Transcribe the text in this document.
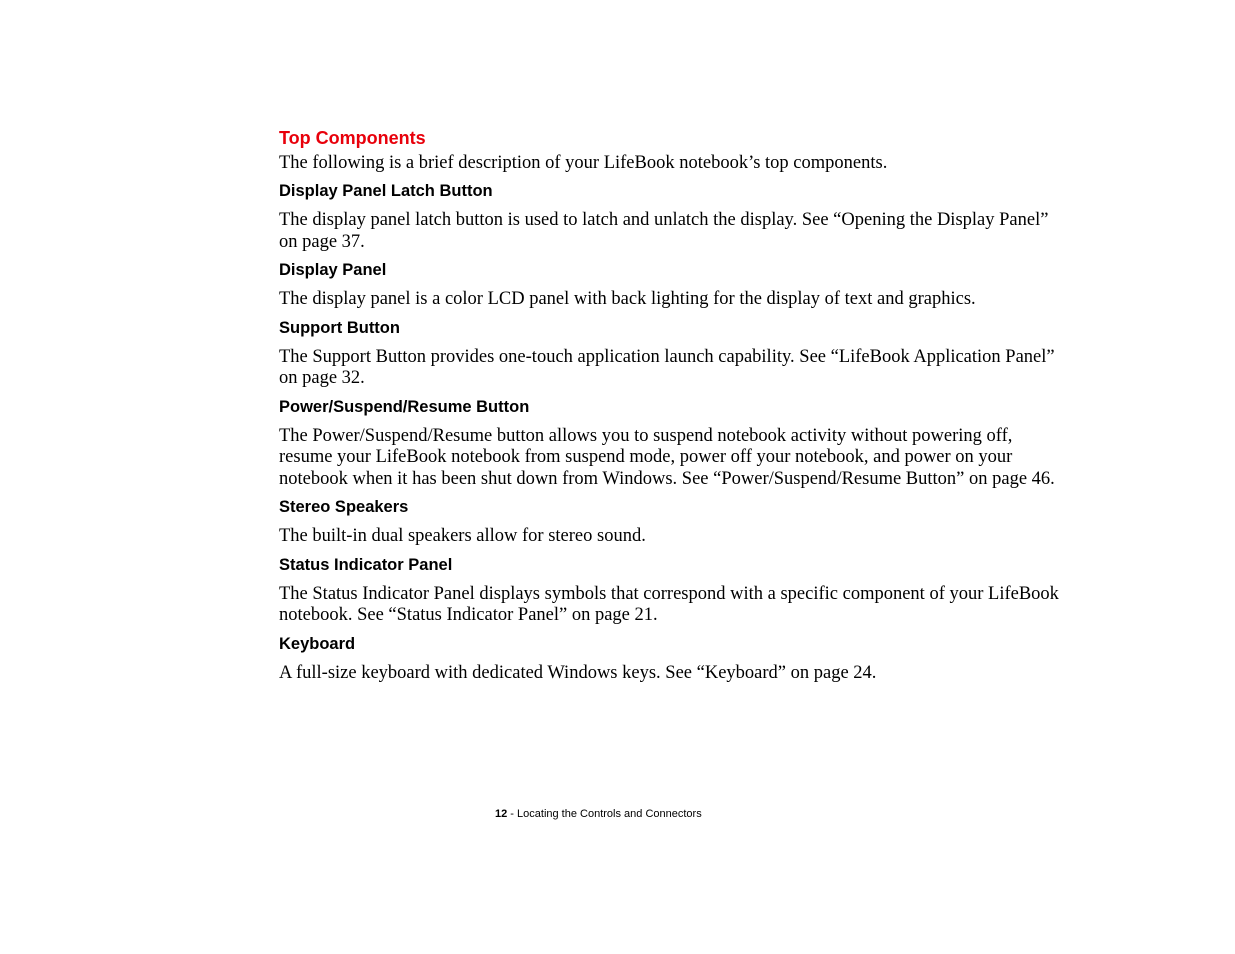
Top Components

The following is a brief description of your LifeBook notebook’s top components.

Display Panel Latch Button

The display panel latch button is used to latch and unlatch the display. See “Opening the Display Panel” on page 37.

Display Panel

The display panel is a color LCD panel with back lighting for the display of text and graphics.

Support Button

The Support Button provides one-touch application launch capability. See “LifeBook Application Panel” on page 32.

Power/Suspend/Resume Button

The Power/Suspend/Resume button allows you to suspend notebook activity without powering off, resume your LifeBook notebook from suspend mode, power off your notebook, and power on your notebook when it has been shut down from Windows. See “Power/Suspend/Resume Button” on page 46.

Stereo Speakers

The built-in dual speakers allow for stereo sound.

Status Indicator Panel

The Status Indicator Panel displays symbols that correspond with a specific component of your LifeBook notebook. See “Status Indicator Panel” on page 21.

Keyboard

A full-size keyboard with dedicated Windows keys. See “Keyboard” on page 24.

12 - Locating the Controls and Connectors
